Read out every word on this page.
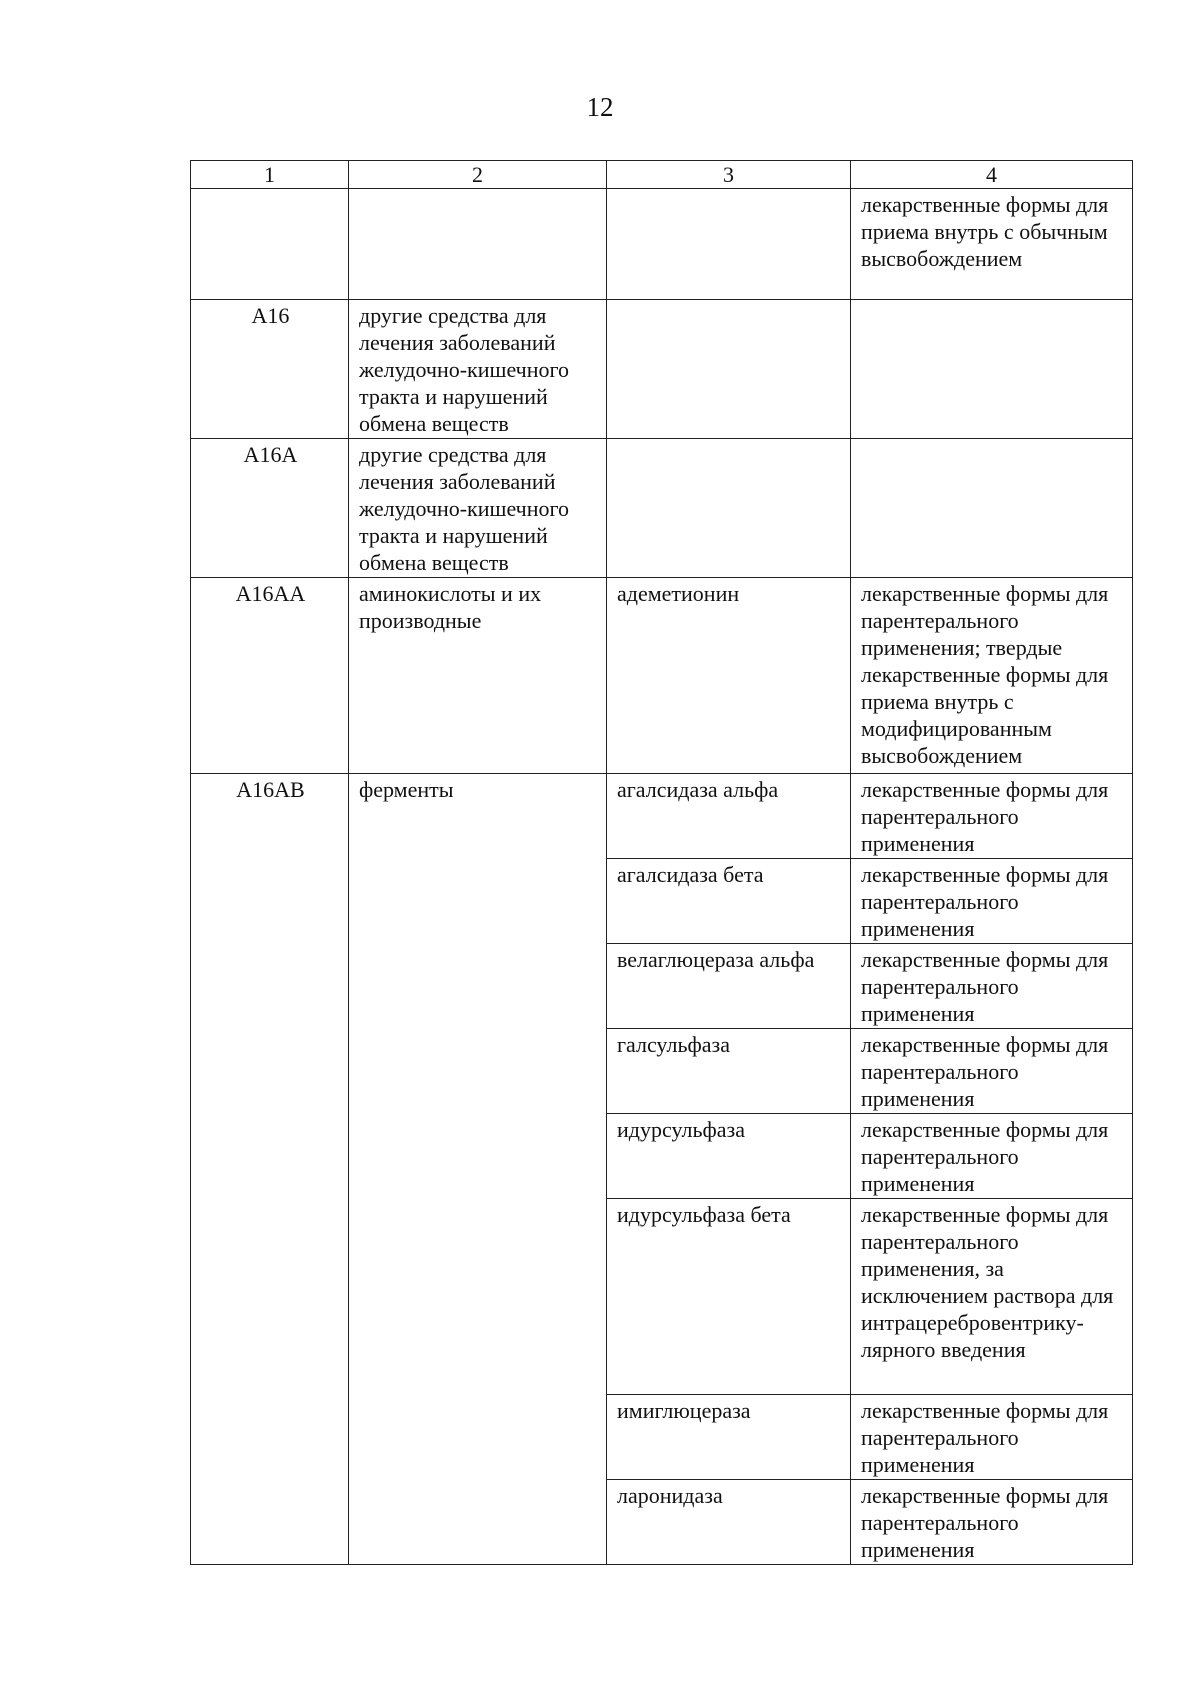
12
1	2	3	4
			лекарственные формы для приема внутрь с обычным высвобождением
A16	другие средства для лечения заболеваний желудочно-кишечного тракта и нарушений обмена веществ		
A16A	другие средства для лечения заболеваний желудочно-кишечного тракта и нарушений обмена веществ		
A16AA	аминокислоты и их производные	адеметионин	лекарственные формы для парентерального применения; твердые лекарственные формы для приема внутрь с модифицированным высвобождением
A16AB	ферменты	агалсидаза альфа	лекарственные формы для парентерального применения
		агалсидаза бета	лекарственные формы для парентерального применения
		велаглюцераза альфа	лекарственные формы для парентерального применения
		галсульфаза	лекарственные формы для парентерального применения
		идурсульфаза	лекарственные формы для парентерального применения
		идурсульфаза бета	лекарственные формы для парентерального применения, за исключением раствора для интрацеребровентрику-лярного введения
		имиглюцераза	лекарственные формы для парентерального применения
		ларонидаза	лекарственные формы для парентерального применения
